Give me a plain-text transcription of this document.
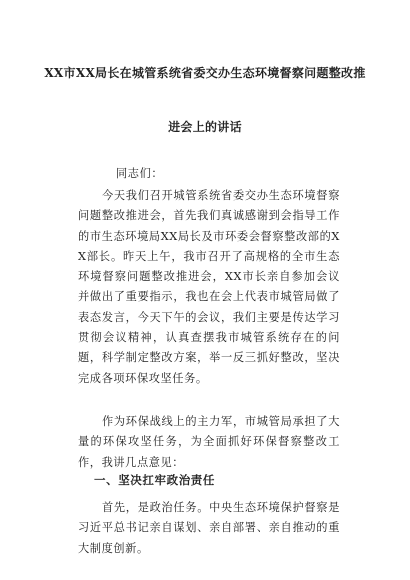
XX市XX局长在城管系统省委交办生态环境督察问题整改推
进会上的讲话
同志们：
今天我们召开城管系统省委交办生态环境督察问题整改推进会，首先我们真诚感谢到会指导工作的市生态环境局XX局长及市环委会督察整改部的XX部长。昨天上午，我市召开了高规格的全市生态环境督察问题整改推进会，XX市长亲自参加会议并做出了重要指示，我也在会上代表市城管局做了表态发言，今天下午的会议，我们主要是传达学习贯彻会议精神，认真查摆我市城管系统存在的问题，科学制定整改方案，举一反三抓好整改，坚决完成各项环保攻坚任务。
作为环保战线上的主力军，市城管局承担了大量的环保攻坚任务，为全面抓好环保督察整改工作，我讲几点意见：
一、坚决扛牢政治责任
首先，是政治任务。中央生态环境保护督察是习近平总书记亲自谋划、亲自部署、亲自推动的重大制度创新。
